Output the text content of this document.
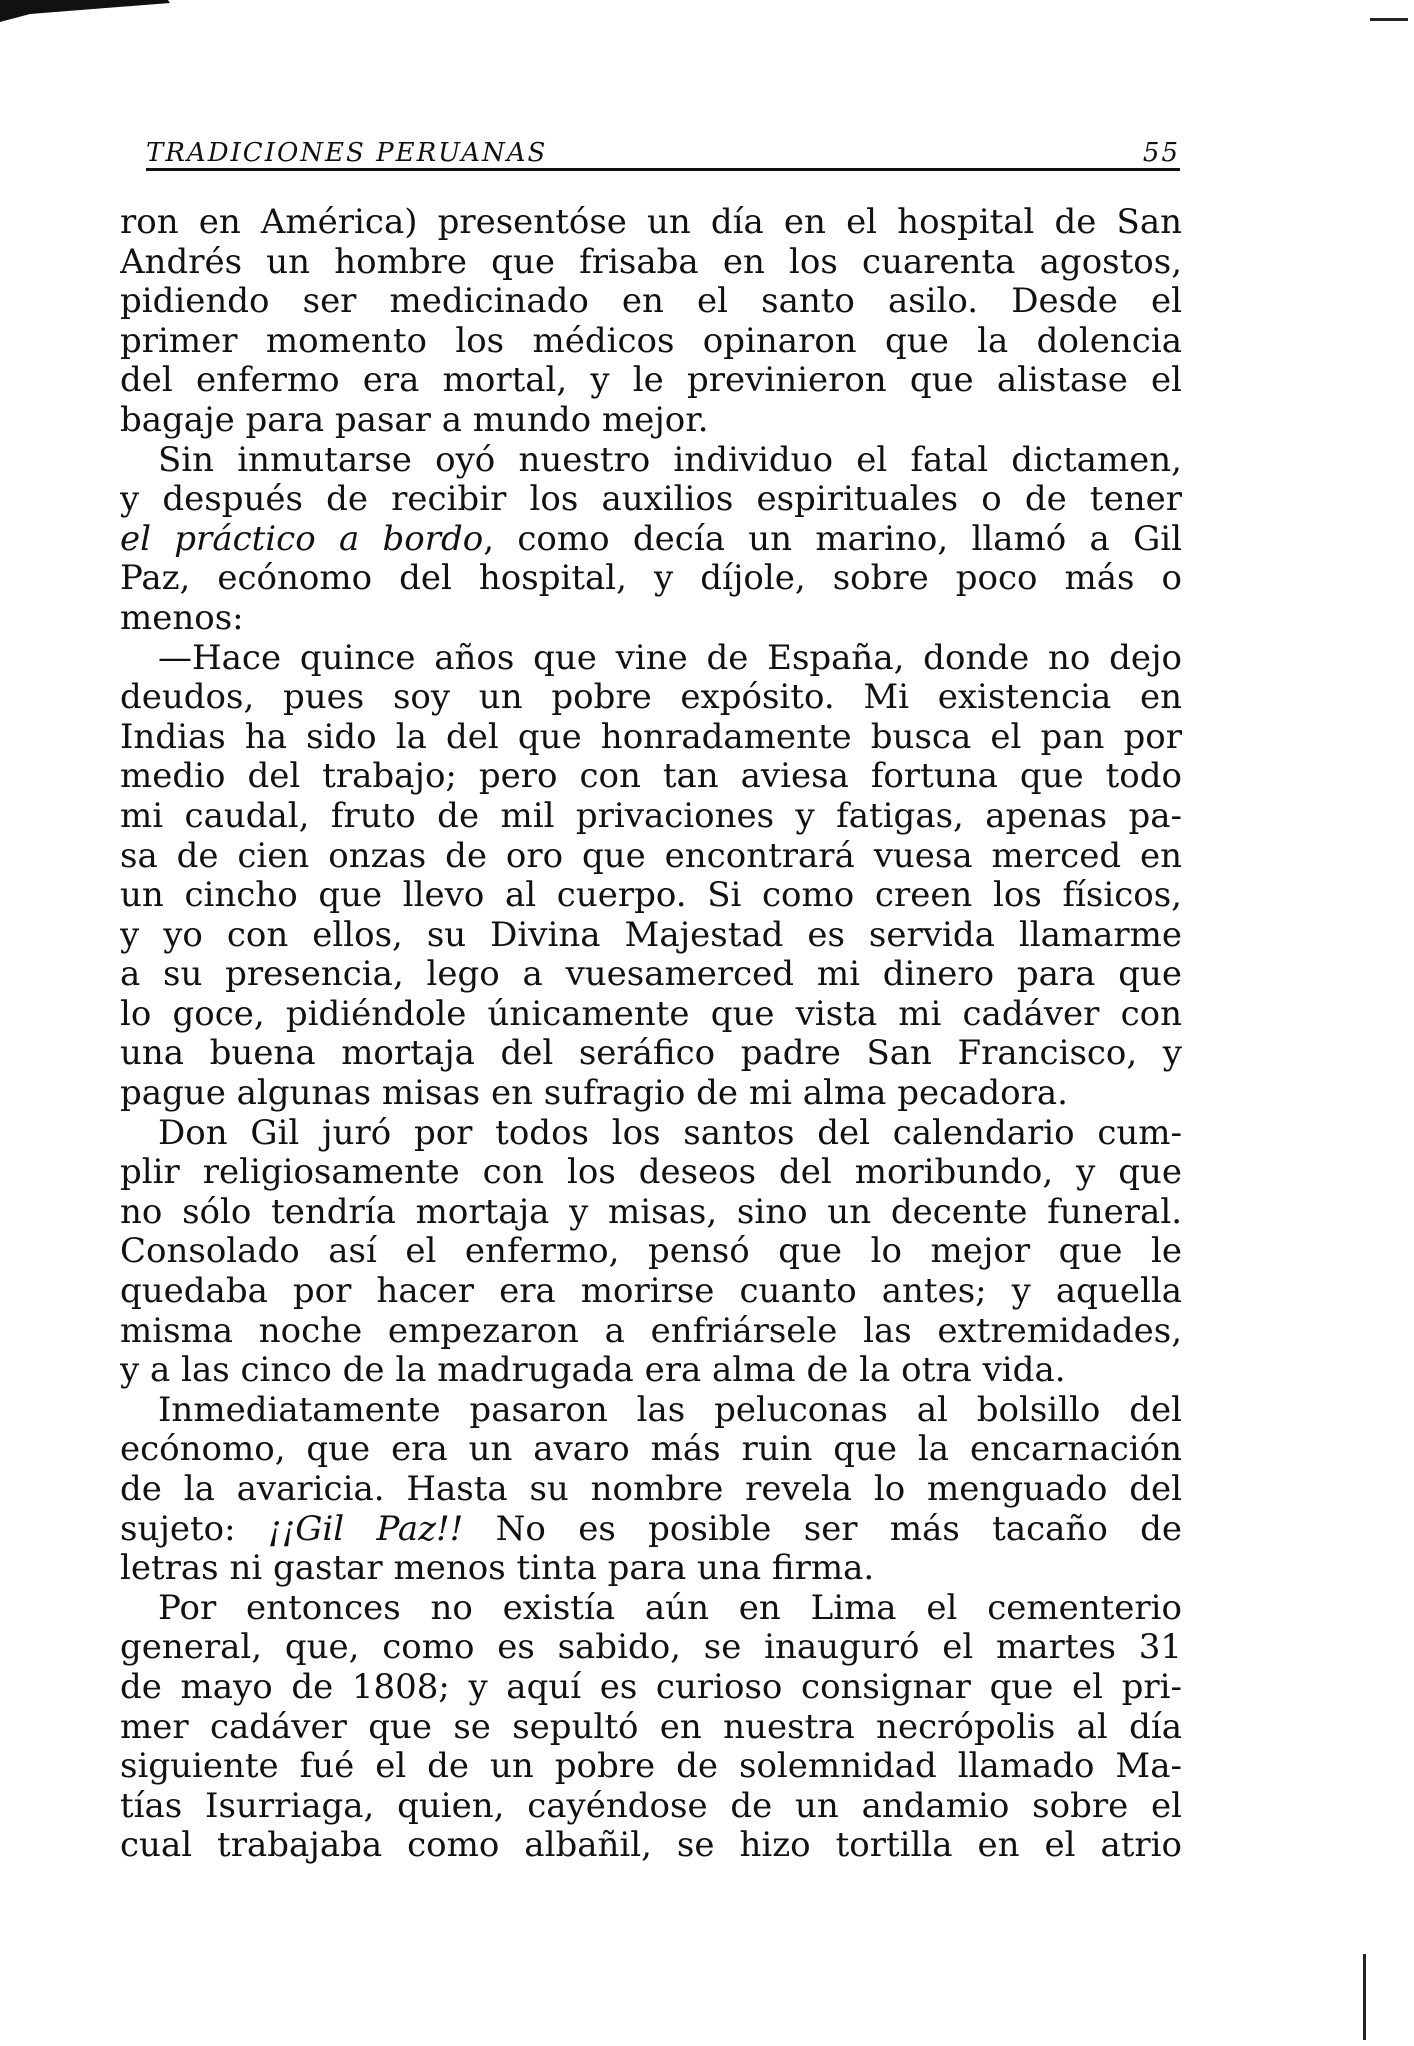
TRADICIONES PERUANAS	55
ron en América) presentóse un día en el hospital de San
Andrés un hombre que frisaba en los cuarenta agostos,
pidiendo ser medicinado en el santo asilo. Desde el
primer momento los médicos opinaron que la dolencia
del enfermo era mortal, y le previnieron que alistase el
bagaje para pasar a mundo mejor.
Sin inmutarse oyó nuestro individuo el fatal dictamen,
y después de recibir los auxilios espirituales o de tener
el práctico a bordo, como decía un marino, llamó a Gil
Paz, ecónomo del hospital, y díjole, sobre poco más o
menos:
—Hace quince años que vine de España, donde no dejo
deudos, pues soy un pobre expósito. Mi existencia en
Indias ha sido la del que honradamente busca el pan por
medio del trabajo; pero con tan aviesa fortuna que todo
mi caudal, fruto de mil privaciones y fatigas, apenas pa-
sa de cien onzas de oro que encontrará vuesa merced en
un cincho que llevo al cuerpo. Si como creen los físicos,
y yo con ellos, su Divina Majestad es servida llamarme
a su presencia, lego a vuesamerced mi dinero para que
lo goce, pidiéndole únicamente que vista mi cadáver con
una buena mortaja del seráfico padre San Francisco, y
pague algunas misas en sufragio de mi alma pecadora.
Don Gil juró por todos los santos del calendario cum-
plir religiosamente con los deseos del moribundo, y que
no sólo tendría mortaja y misas, sino un decente funeral.
Consolado así el enfermo, pensó que lo mejor que le
quedaba por hacer era morirse cuanto antes; y aquella
misma noche empezaron a enfriársele las extremidades,
y a las cinco de la madrugada era alma de la otra vida.
Inmediatamente pasaron las peluconas al bolsillo del
ecónomo, que era un avaro más ruin que la encarnación
de la avaricia. Hasta su nombre revela lo menguado del
sujeto: ¡¡Gil Paz!! No es posible ser más tacaño de
letras ni gastar menos tinta para una firma.
Por entonces no existía aún en Lima el cementerio
general, que, como es sabido, se inauguró el martes 31
de mayo de 1808; y aquí es curioso consignar que el pri-
mer cadáver que se sepultó en nuestra necrópolis al día
siguiente fué el de un pobre de solemnidad llamado Ma-
tías Isurriaga, quien, cayéndose de un andamio sobre el
cual trabajaba como albañil, se hizo tortilla en el atrio
